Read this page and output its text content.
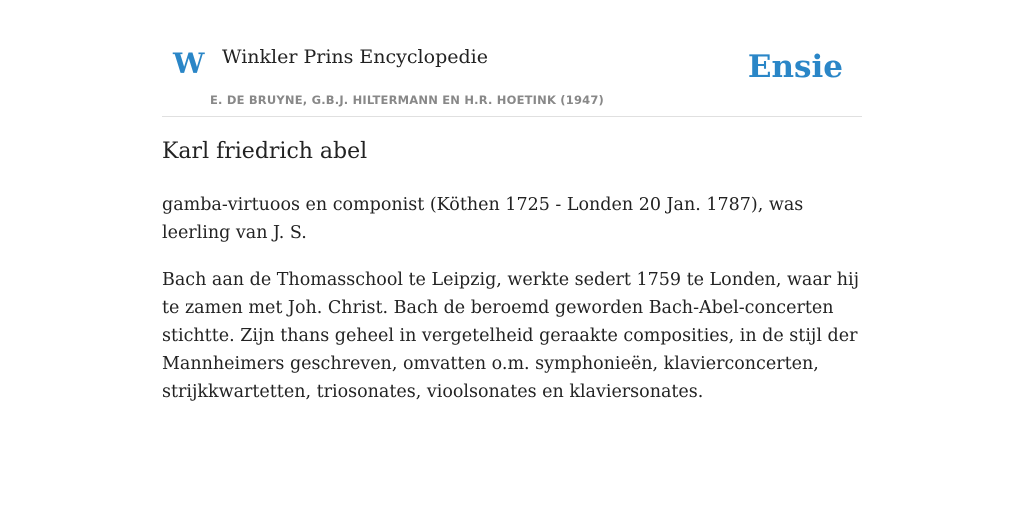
W Winkler Prins Encyclopedie
E. DE BRUYNE, G.B.J. HILTERMANN EN H.R. HOETINK (1947)
Ensie
Karl friedrich abel

gamba-virtuoos en componist (Köthen 1725 - Londen 20 Jan. 1787), was leerling van J. S.

Bach aan de Thomasschool te Leipzig, werkte sedert 1759 te Londen, waar hij te zamen met Joh. Christ. Bach de beroemd geworden Bach-Abel-concerten stichtte. Zijn thans geheel in vergetelheid geraakte composities, in de stijl der Mannheimers geschreven, omvatten o.m. symphonieën, klavierconcerten, strijkkwartetten, triosonates, vioolsonates en klaviersonates.
